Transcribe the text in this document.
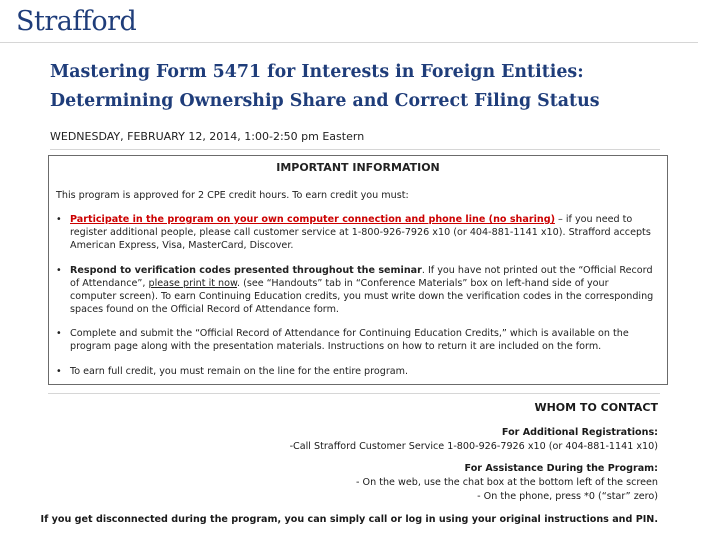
Strafford
Mastering Form 5471 for Interests in Foreign Entities:
Determining Ownership Share and Correct Filing Status
WEDNESDAY, FEBRUARY 12, 2014, 1:00-2:50 pm Eastern
IMPORTANT INFORMATION
This program is approved for 2 CPE credit hours. To earn credit you must:
• Participate in the program on your own computer connection and phone line (no sharing) – if you need to register additional people, please call customer service at 1-800-926-7926 x10 (or 404-881-1141 x10). Strafford accepts American Express, Visa, MasterCard, Discover.
• Respond to verification codes presented throughout the seminar. If you have not printed out the “Official Record of Attendance”, please print it now. (see “Handouts” tab in “Conference Materials” box on left-hand side of your computer screen). To earn Continuing Education credits, you must write down the verification codes in the corresponding spaces found on the Official Record of Attendance form.
• Complete and submit the “Official Record of Attendance for Continuing Education Credits,” which is available on the program page along with the presentation materials. Instructions on how to return it are included on the form.
• To earn full credit, you must remain on the line for the entire program.
WHOM TO CONTACT
For Additional Registrations:
-Call Strafford Customer Service 1-800-926-7926 x10 (or 404-881-1141 x10)
For Assistance During the Program:
- On the web, use the chat box at the bottom left of the screen
- On the phone, press *0 (“star” zero)
If you get disconnected during the program, you can simply call or log in using your original instructions and PIN.
